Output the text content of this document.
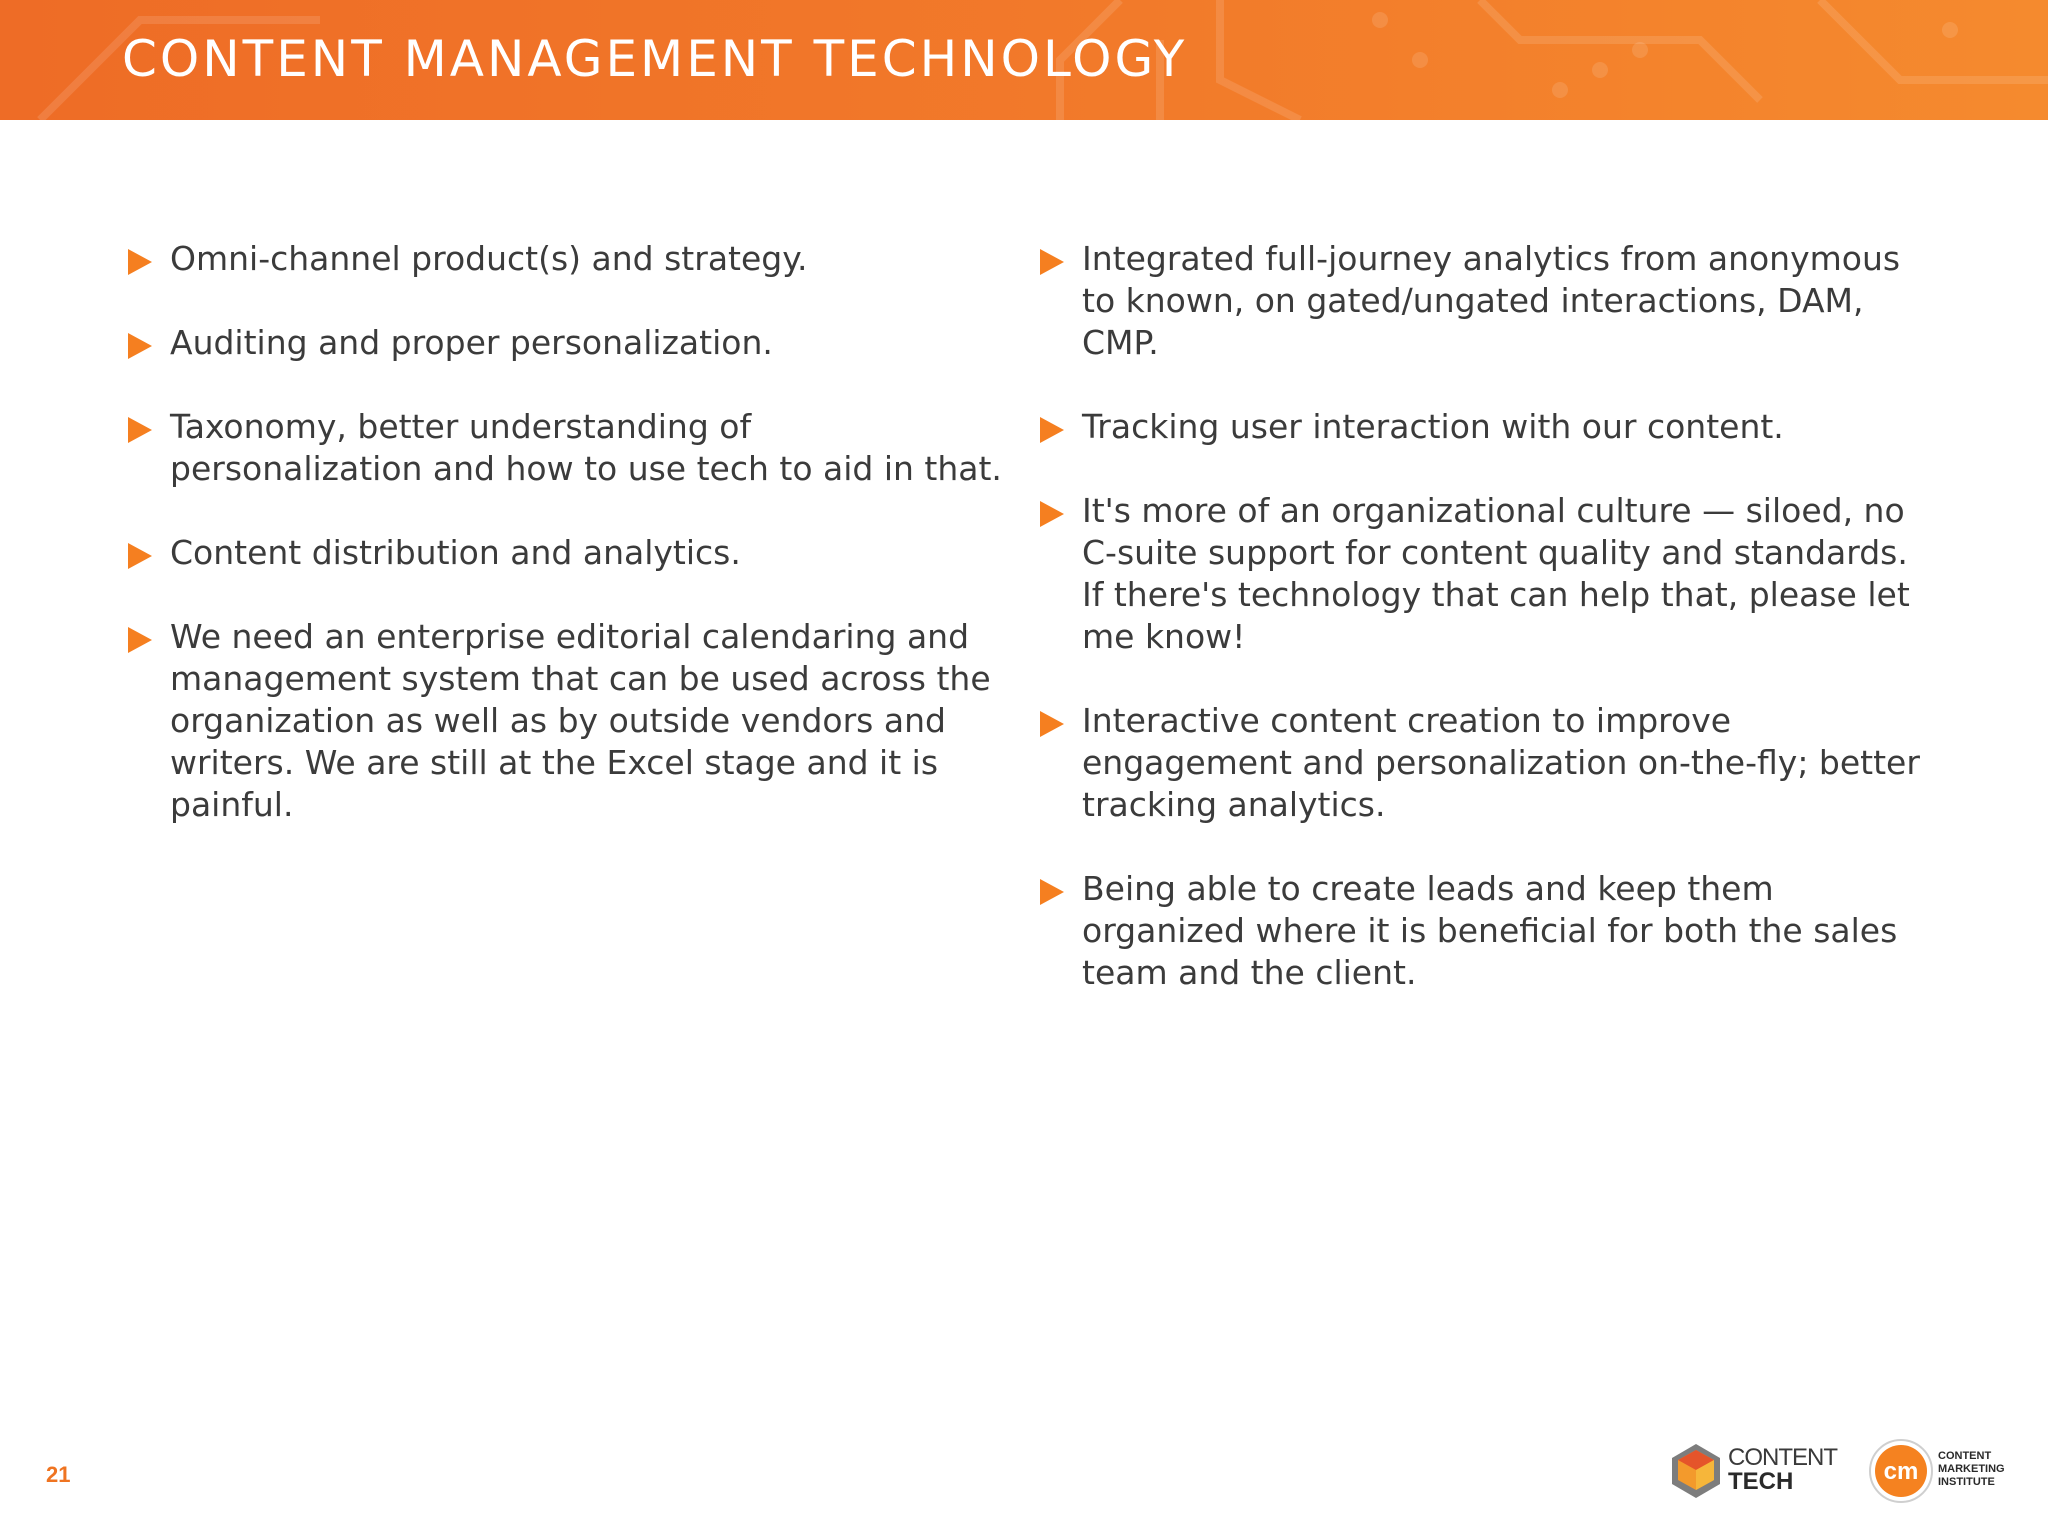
CONTENT MANAGEMENT TECHNOLOGY
Omni-channel product(s) and strategy.
Auditing and proper personalization.
Taxonomy, better understanding of personalization and how to use tech to aid in that.
Content distribution and analytics.
We need an enterprise editorial calendaring and management system that can be used across the organization as well as by outside vendors and writers. We are still at the Excel stage and it is painful.
Integrated full-journey analytics from anonymous to known, on gated/ungated interactions, DAM, CMP.
Tracking user interaction with our content.
It's more of an organizational culture — siloed, no C-suite support for content quality and standards. If there's technology that can help that, please let me know!
Interactive content creation to improve engagement and personalization on-the-fly; better tracking analytics.
Being able to create leads and keep them organized where it is beneficial for both the sales team and the client.
21
CONTENT
TECH	cm
CONTENT
MARKETING
INSTITUTE
